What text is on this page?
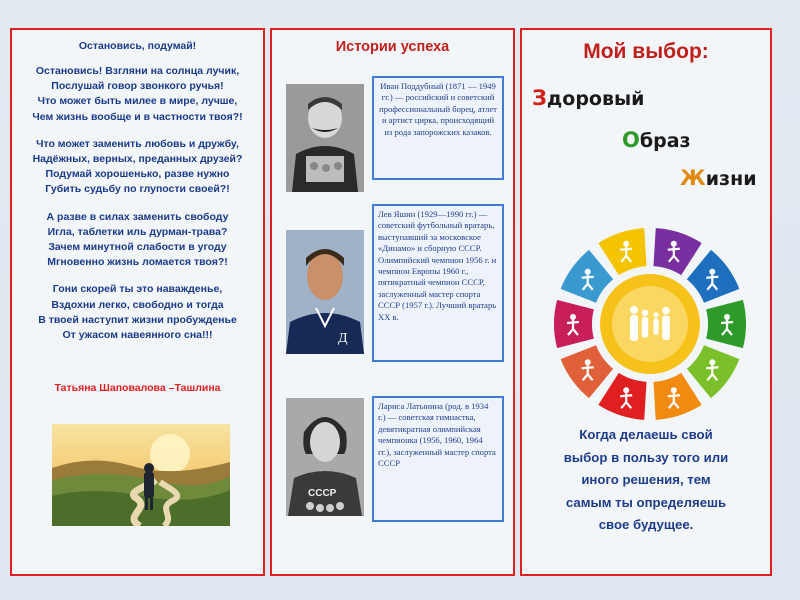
Остановись, подумай!
Остановись! Взгляни на солнца лучик,
Послушай говор звонкого ручья!
Что может быть милее в мире, лучше,
Чем жизнь вообще и в частности твоя?!
Что может заменить любовь и дружбу,
Надёжных, верных, преданных друзей?
Подумай хорошенько, разве нужно
Губить судьбу по глупости своей?!
А разве в силах заменить свободу
Игла, таблетки иль дурман-трава?
Зачем минутной слабости в угоду
Мгновенно жизнь ломается твоя?!
Гони скорей ты это наважденье,
Вздохни легко, свободно и тогда
В твоей наступит жизни пробужденье
От ужасом навеянного сна!!!
Татьяна Шаповалова –Ташлина
Истории успеха
Иван Поддубный (1871 — 1949 гг.) — российский и советский профессиональный борец, атлет и артист цирка, происходящий из рода запорожских казаков.
Д
Лев Яшин (1929—1990 гг.) — советский футбольный вратарь, выступавший за московское «Динамо» и сборную СССР. Олимпийский чемпион 1956 г. и чемпион Европы 1960 г., пятикратный чемпион СССР, заслуженный мастер спорта СССР (1957 г.). Лучший вратарь XX в.
СССР
Лариса Латынина (род. в 1934 г.) — советская гимнастка, девятикратная олимпийская чемпионка (1956, 1960, 1964 гг.), заслуженный мастер спорта СССР
Мой выбор:
Здоровый
Образ
Жизни
Когда делаешь свой
выбор в пользу того или
иного решения, тем
самым ты определяешь
свое будущее.
